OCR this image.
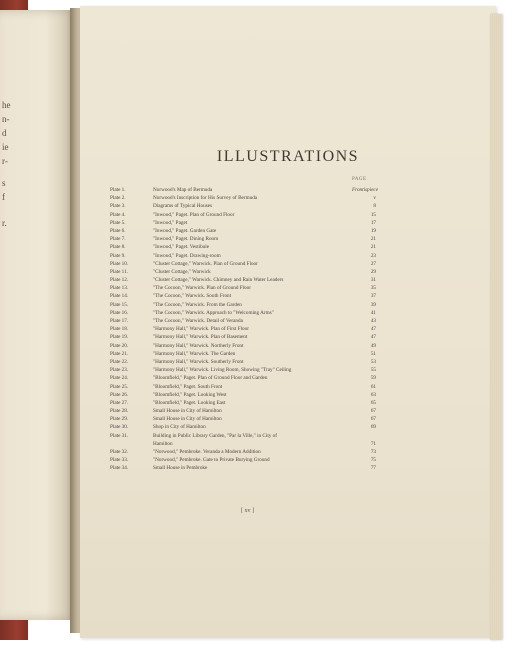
he
n-
d
ie
r-
s
f
r.
ILLUSTRATIONS
PAGE
Plate 1.	Norwood's Map of Bermuda	Frontispiece
Plate 2.	Norwood's Inscription for His Survey of Bermuda	v
Plate 3.	Diagrams of Typical Houses	8
Plate 4.	"Inwood," Paget. Plan of Ground Floor	15
Plate 5.	"Inwood," Paget	17
Plate 6.	"Inwood," Paget. Garden Gate	19
Plate 7.	"Inwood," Paget. Dining Room	21
Plate 8.	"Inwood," Paget. Vestibule	21
Plate 9.	"Inwood," Paget. Drawing-room	23
Plate 10.	"Cluster Cottage," Warwick. Plan of Ground Floor	27
Plate 11.	"Cluster Cottage," Warwick	29
Plate 12.	"Cluster Cottage," Warwick. Chimney and Rain Water Leaders	31
Plate 13.	"The Cocoon," Warwick. Plan of Ground Floor	35
Plate 14.	"The Cocoon," Warwick. South Front	37
Plate 15.	"The Cocoon," Warwick. From the Garden	39
Plate 16.	"The Cocoon," Warwick. Approach to "Welcoming Arms"	41
Plate 17.	"The Cocoon," Warwick. Detail of Veranda	43
Plate 18.	"Harmony Hall," Warwick. Plan of First Floor	47
Plate 19.	"Harmony Hall," Warwick. Plan of Basement	47
Plate 20.	"Harmony Hall," Warwick. Northerly Front	49
Plate 21.	"Harmony Hall," Warwick. The Garden	51
Plate 22.	"Harmony Hall," Warwick. Southerly Front	53
Plate 23.	"Harmony Hall," Warwick. Living Room, Showing "Tray" Ceiling	55
Plate 24.	"Bloomfield," Paget. Plan of Ground Floor and Garden	59
Plate 25.	"Bloomfield," Paget. South Front	61
Plate 26.	"Bloomfield," Paget. Looking West	63
Plate 27.	"Bloomfield," Paget. Looking East	65
Plate 28.	Small House in City of Hamilton	67
Plate 29.	Small House in City of Hamilton	67
Plate 30.	Shop in City of Hamilton	69
Plate 31.	Building in Public Library Garden, "Par la Ville," in City of
Hamilton	71
Plate 32.	"Norwood," Pembroke. Veranda a Modern Addition	73
Plate 33.	"Norwood," Pembroke. Gate to Private Burying Ground	75
Plate 34.	Small House in Pembroke	77
[ xv ]
